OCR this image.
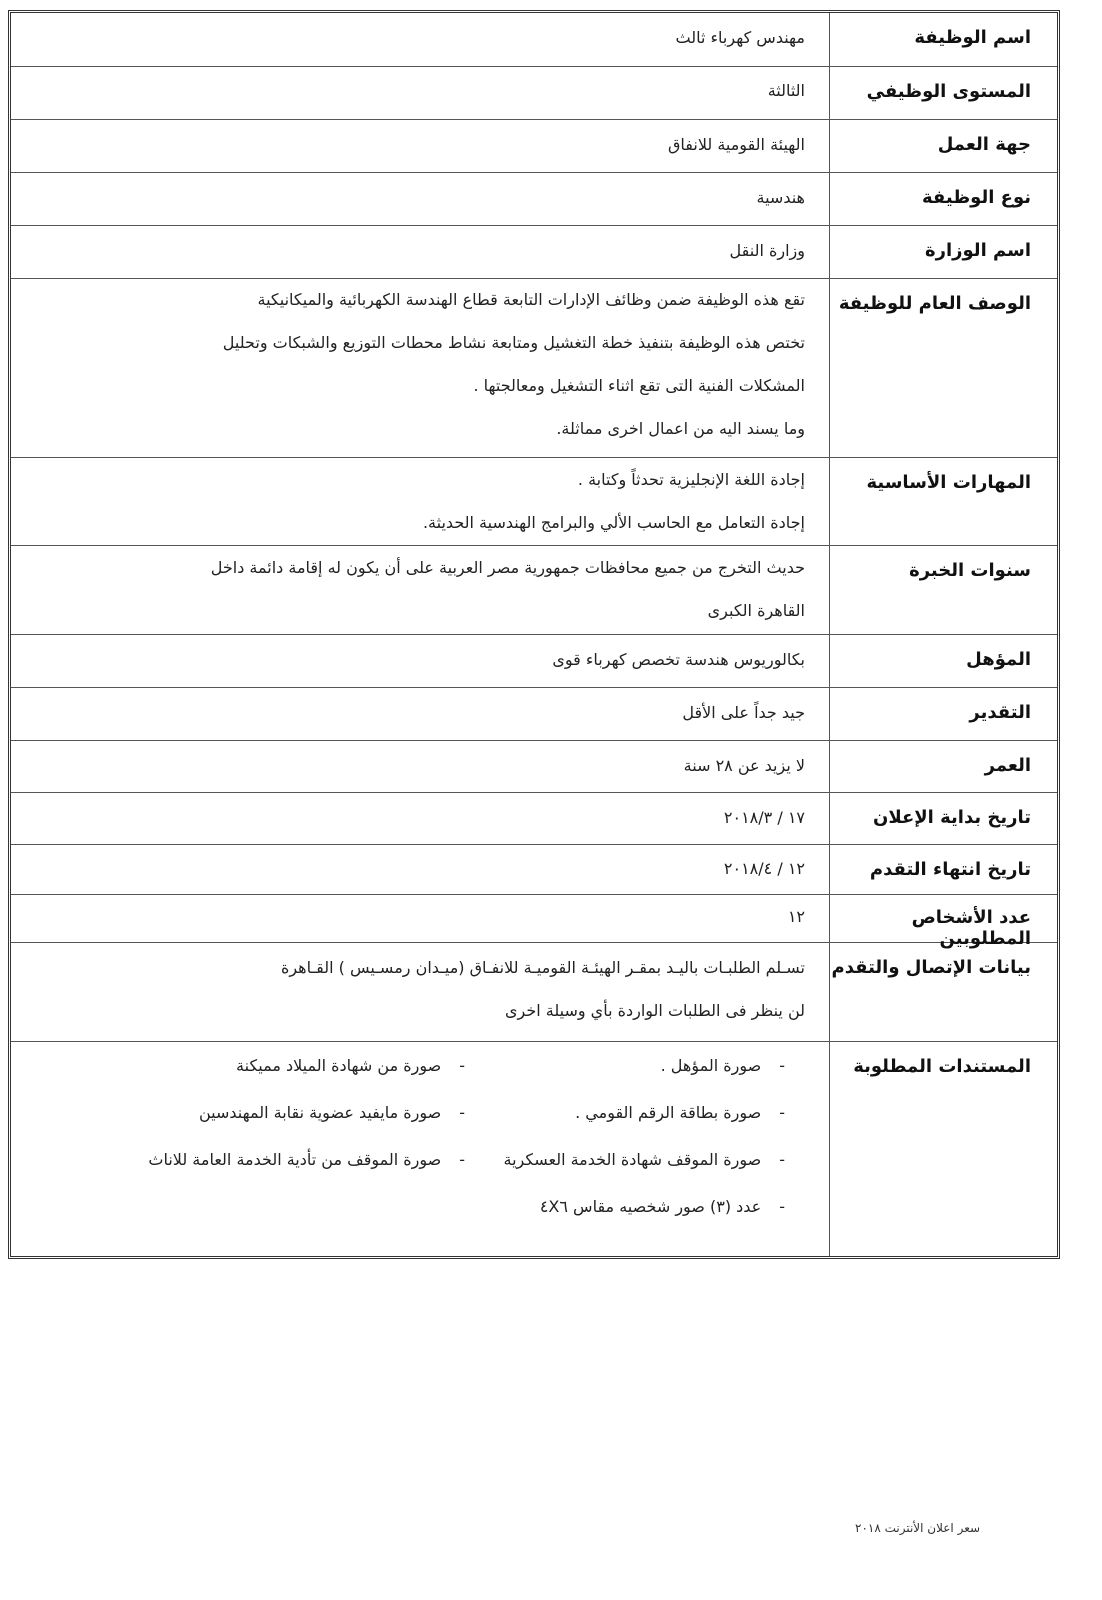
اسم الوظيفة
مهندس كهرباء ثالث
المستوى الوظيفي
الثالثة
جهة العمل
الهيئة القومية للانفاق
نوع الوظيفة
هندسية
اسم الوزارة
وزارة النقل
الوصف العام للوظيفة
تقع هذه الوظيفة ضمن وظائف الإدارات التابعة قطاع الهندسة الكهربائية والميكانيكية
تختص هذه الوظيفة بتنفيذ خطة التغشيل ومتابعة نشاط محطات التوزيع والشبكات وتحليل
المشكلات الفنية التى تقع اثناء التشغيل ومعالجتها .
وما يسند اليه من اعمال اخرى مماثلة.
المهارات الأساسية
إجادة اللغة الإنجليزية تحدثاً وكتابة .
إجادة التعامل مع الحاسب الألي والبرامج الهندسية الحديثة.
سنوات الخبرة
حديث التخرج من جميع محافظات جمهورية مصر العربية على أن يكون له إقامة دائمة داخل
القاهرة الكبرى
المؤهل
بكالوريوس هندسة تخصص كهرباء قوى
التقدير
جيد جداً على الأقل
العمر
لا يزيد عن ٢٨ سنة
تاريخ بداية الإعلان
١٧ / ٢٠١٨/٣
تاريخ انتهاء التقدم
١٢ / ٢٠١٨/٤
عدد الأشخاص المطلوبين
١٢
بيانات الإتصال والتقدم
تسـلم الطلبـات باليـد بمقـر الهيئـة القوميـة للانفـاق (ميـدان رمسـيس ) القـاهرة
لن ينظر فى الطلبات الواردة بأي وسيلة اخرى
المستندات المطلوبة
-صورة المؤهل .
-صورة من شهادة الميلاد مميكنة
-صورة بطاقة الرقم القومي .
-صورة مايفيد عضوية نقابة المهندسين
-صورة الموقف شهادة الخدمة العسكرية
-صورة الموقف من تأدية الخدمة العامة للاناث
-عدد (٣) صور شخصيه مقاس ٤X٦
سعر اعلان الأنترنت ٢٠١٨
